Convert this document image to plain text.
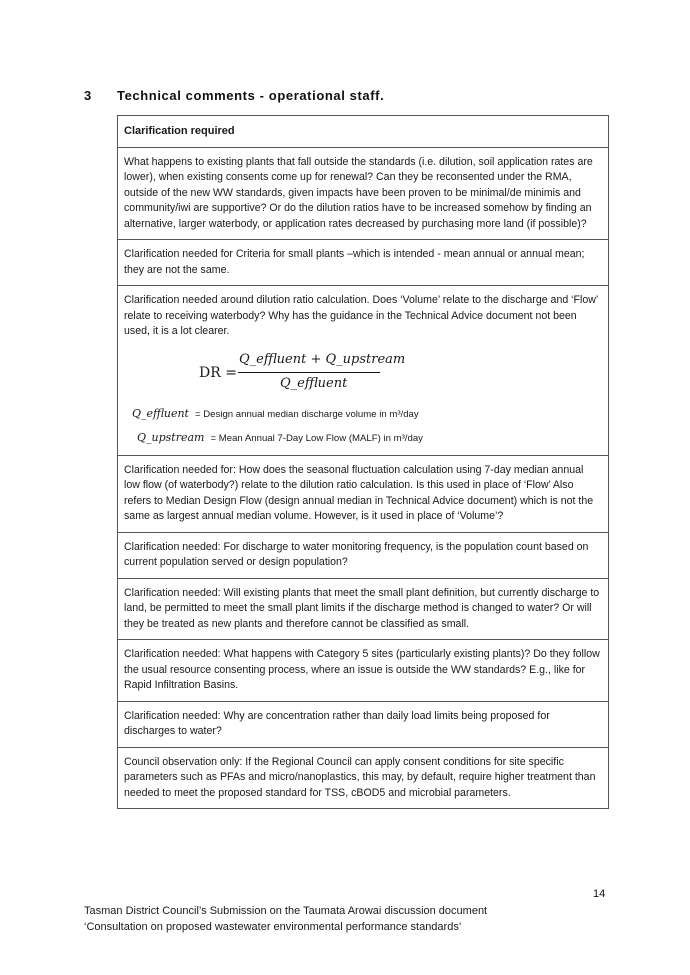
3 Technical comments - operational staff.
Clarification required
What happens to existing plants that fall outside the standards (i.e. dilution, soil application rates are lower), when existing consents come up for renewal? Can they be reconsented under the RMA, outside of the new WW standards, given impacts have been proven to be minimal/de minimis and community/iwi are supportive? Or do the dilution ratios have to be increased somehow by finding an alternative, larger waterbody, or application rates decreased by purchasing more land (if possible)?
Clarification needed for Criteria for small plants –which is intended - mean annual or annual mean; they are not the same.
Clarification needed around dilution ratio calculation. Does ‘Volume’ relate to the discharge and ‘Flow’ relate to receiving waterbody? Why has the guidance in the Technical Advice document not been used, it is a lot clearer.
DR =
Q_effluent + Q_upstream
Q_effluent
Q_effluent = Design annual median discharge volume in m³/day
Q_upstream = Mean Annual 7-Day Low Flow (MALF) in m³/day
Clarification needed for: How does the seasonal fluctuation calculation using 7-day median annual low flow (of waterbody?) relate to the dilution ratio calculation. Is this used in place of ‘Flow’ Also refers to Median Design Flow (design annual median in Technical Advice document) which is not the same as largest annual median volume. However, is it used in place of ‘Volume’?
Clarification needed: For discharge to water monitoring frequency, is the population count based on current population served or design population?
Clarification needed: Will existing plants that meet the small plant definition, but currently discharge to land, be permitted to meet the small plant limits if the discharge method is changed to water? Or will they be treated as new plants and therefore cannot be classified as small.
Clarification needed: What happens with Category 5 sites (particularly existing plants)? Do they follow the usual resource consenting process, where an issue is outside the WW standards? E.g., like for Rapid Infiltration Basins.
Clarification needed: Why are concentration rather than daily load limits being proposed for discharges to water?
Council observation only: If the Regional Council can apply consent conditions for site specific parameters such as PFAs and micro/nanoplastics, this may, by default, require higher treatment than needed to meet the proposed standard for TSS, cBOD5 and microbial parameters.
14
Tasman District Council’s Submission on the Taumata Arowai discussion document
‘Consultation on proposed wastewater environmental performance standards’
